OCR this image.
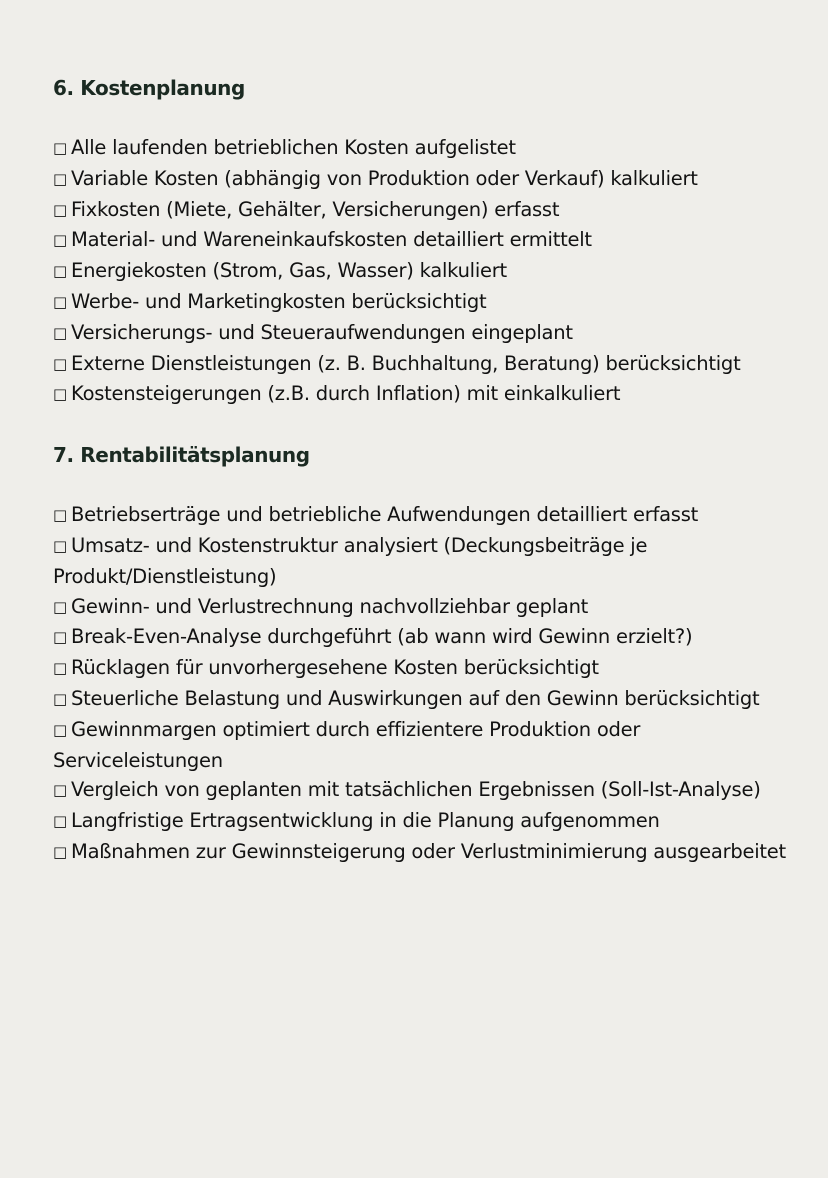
6. Kostenplanung
□ Alle laufenden betrieblichen Kosten aufgelistet
□ Variable Kosten (abhängig von Produktion oder Verkauf) kalkuliert
□ Fixkosten (Miete, Gehälter, Versicherungen) erfasst
□ Material- und Wareneinkaufskosten detailliert ermittelt
□ Energiekosten (Strom, Gas, Wasser) kalkuliert
□ Werbe- und Marketingkosten berücksichtigt
□ Versicherungs- und Steueraufwendungen eingeplant
□ Externe Dienstleistungen (z. B. Buchhaltung, Beratung) berücksichtigt
□ Kostensteigerungen (z.B. durch Inflation) mit einkalkuliert
7. Rentabilitätsplanung
□ Betriebserträge und betriebliche Aufwendungen detailliert erfasst
□ Umsatz- und Kostenstruktur analysiert (Deckungsbeiträge je Produkt/Dienstleistung)
□ Gewinn- und Verlustrechnung nachvollziehbar geplant
□ Break-Even-Analyse durchgeführt (ab wann wird Gewinn erzielt?)
□ Rücklagen für unvorhergesehene Kosten berücksichtigt
□ Steuerliche Belastung und Auswirkungen auf den Gewinn berücksichtigt
□ Gewinnmargen optimiert durch effizientere Produktion oder Serviceleistungen
□ Vergleich von geplanten mit tatsächlichen Ergebnissen (Soll-Ist-Analyse)
□ Langfristige Ertragsentwicklung in die Planung aufgenommen
□ Maßnahmen zur Gewinnsteigerung oder Verlustminimierung ausgearbeitet
